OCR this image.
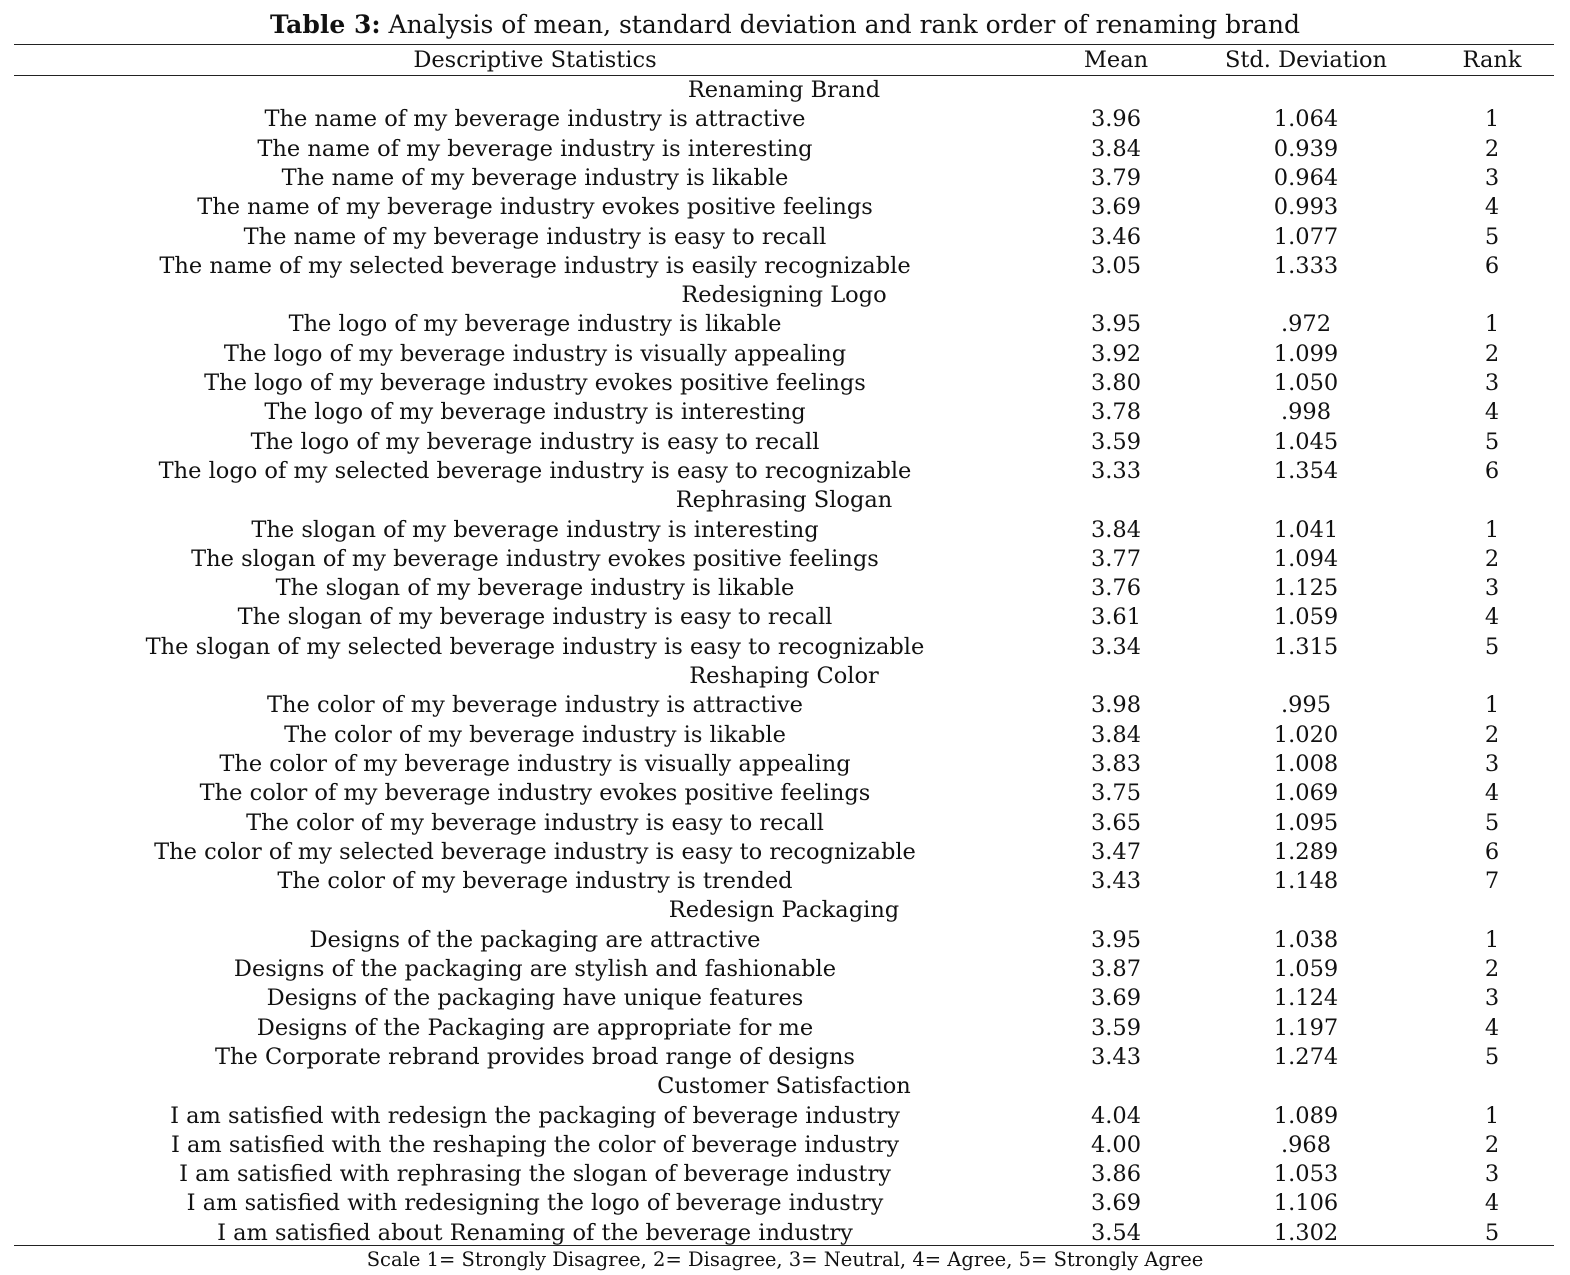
Table 3: Analysis of mean, standard deviation and rank order of renaming brand
Descriptive Statistics	Mean	Std. Deviation	Rank
Renaming Brand
The name of my beverage industry is attractive	3.96	1.064	1
The name of my beverage industry is interesting	3.84	0.939	2
The name of my beverage industry is likable	3.79	0.964	3
The name of my beverage industry evokes positive feelings	3.69	0.993	4
The name of my beverage industry is easy to recall	3.46	1.077	5
The name of my selected beverage industry is easily recognizable	3.05	1.333	6
Redesigning Logo
The logo of my beverage industry is likable	3.95	.972	1
The logo of my beverage industry is visually appealing	3.92	1.099	2
The logo of my beverage industry evokes positive feelings	3.80	1.050	3
The logo of my beverage industry is interesting	3.78	.998	4
The logo of my beverage industry is easy to recall	3.59	1.045	5
The logo of my selected beverage industry is easy to recognizable	3.33	1.354	6
Rephrasing Slogan
The slogan of my beverage industry is interesting	3.84	1.041	1
The slogan of my beverage industry evokes positive feelings	3.77	1.094	2
The slogan of my beverage industry is likable	3.76	1.125	3
The slogan of my beverage industry is easy to recall	3.61	1.059	4
The slogan of my selected beverage industry is easy to recognizable	3.34	1.315	5
Reshaping Color
The color of my beverage industry is attractive	3.98	.995	1
The color of my beverage industry is likable	3.84	1.020	2
The color of my beverage industry is visually appealing	3.83	1.008	3
The color of my beverage industry evokes positive feelings	3.75	1.069	4
The color of my beverage industry is easy to recall	3.65	1.095	5
The color of my selected beverage industry is easy to recognizable	3.47	1.289	6
The color of my beverage industry is trended	3.43	1.148	7
Redesign Packaging
Designs of the packaging are attractive	3.95	1.038	1
Designs of the packaging are stylish and fashionable	3.87	1.059	2
Designs of the packaging have unique features	3.69	1.124	3
Designs of the Packaging are appropriate for me	3.59	1.197	4
The Corporate rebrand provides broad range of designs	3.43	1.274	5
Customer Satisfaction
I am satisfied with redesign the packaging of beverage industry	4.04	1.089	1
I am satisfied with the reshaping the color of beverage industry	4.00	.968	2
I am satisfied with rephrasing the slogan of beverage industry	3.86	1.053	3
I am satisfied with redesigning the logo of beverage industry	3.69	1.106	4
I am satisfied about Renaming of the beverage industry	3.54	1.302	5
Scale 1= Strongly Disagree, 2= Disagree, 3= Neutral, 4= Agree, 5= Strongly Agree
